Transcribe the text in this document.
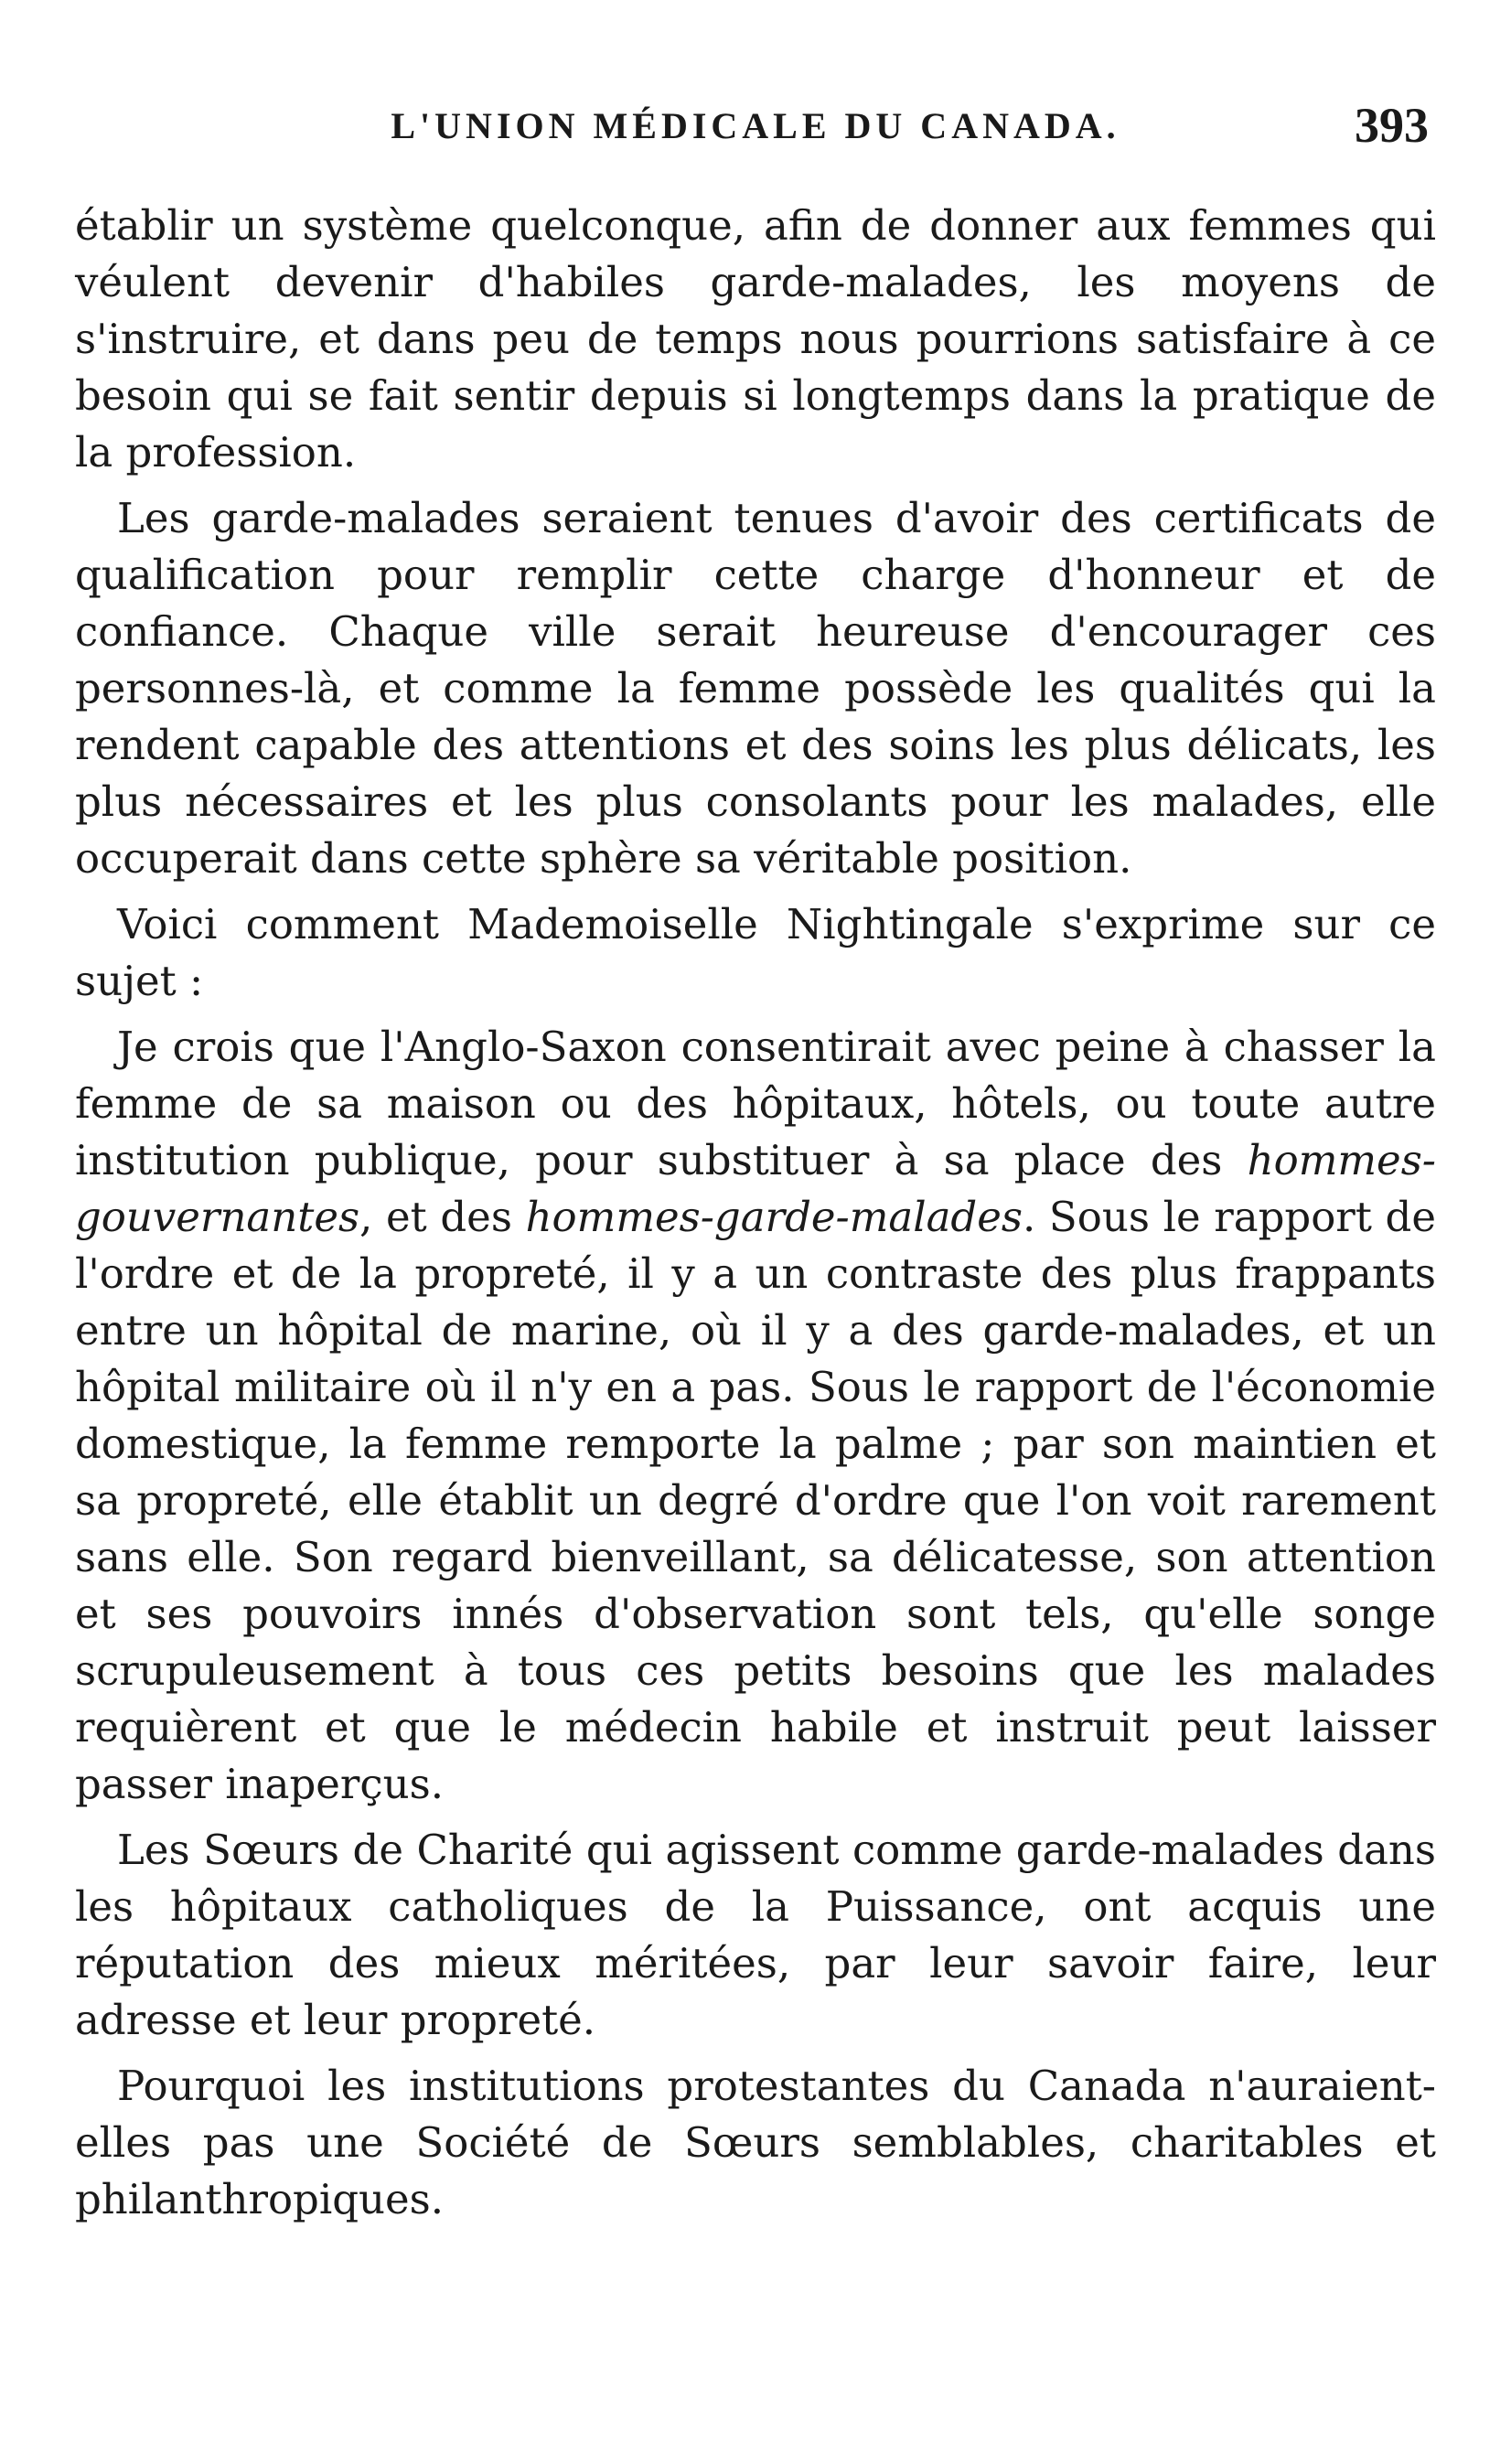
L'UNION MÉDICALE DU CANADA.	393

établir un système quelconque, afin de donner aux femmes qui véulent devenir d'habiles garde-malades, les moyens de s'instruire, et dans peu de temps nous pourrions satisfaire à ce besoin qui se fait sentir depuis si longtemps dans la pratique de la profession.

Les garde-malades seraient tenues d'avoir des certificats de qualification pour remplir cette charge d'honneur et de confiance. Chaque ville serait heureuse d'encourager ces personnes-là, et comme la femme possède les qualités qui la rendent capable des attentions et des soins les plus délicats, les plus nécessaires et les plus consolants pour les malades, elle occuperait dans cette sphère sa véritable position.

Voici comment Mademoiselle Nightingale s'exprime sur ce sujet :

Je crois que l'Anglo-Saxon consentirait avec peine à chasser la femme de sa maison ou des hôpitaux, hôtels, ou toute autre institution publique, pour substituer à sa place des hommes-gouvernantes, et des hommes-garde-malades. Sous le rapport de l'ordre et de la propreté, il y a un contraste des plus frappants entre un hôpital de marine, où il y a des garde-malades, et un hôpital militaire où il n'y en a pas. Sous le rapport de l'économie domestique, la femme remporte la palme ; par son maintien et sa propreté, elle établit un degré d'ordre que l'on voit rarement sans elle. Son regard bienveillant, sa délicatesse, son attention et ses pouvoirs innés d'observation sont tels, qu'elle songe scrupuleusement à tous ces petits besoins que les malades requièrent et que le médecin habile et instruit peut laisser passer inaperçus.

Les Sœurs de Charité qui agissent comme garde-malades dans les hôpitaux catholiques de la Puissance, ont acquis une réputation des mieux méritées, par leur savoir faire, leur adresse et leur propreté.

Pourquoi les institutions protestantes du Canada n'auraient-elles pas une Société de Sœurs semblables, charitables et philanthropiques.
